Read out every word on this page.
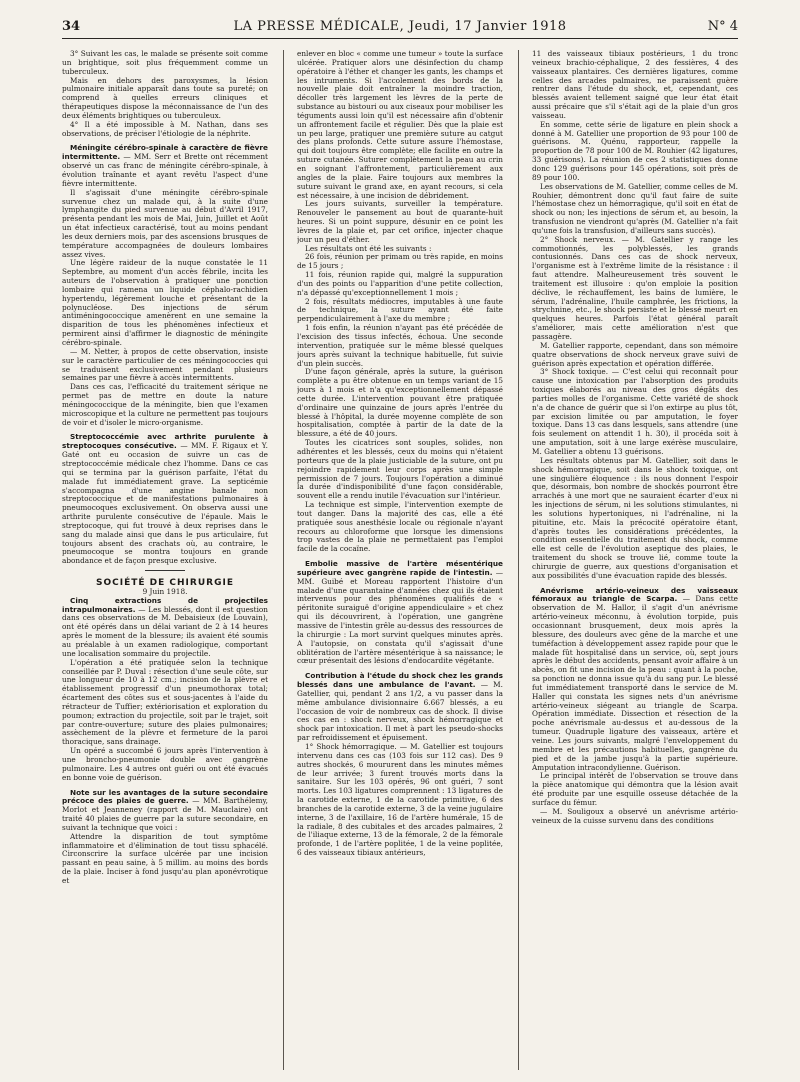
34	LA PRESSE MÉDICALE, Jeudi, 17 Janvier 1918	N° 4

3° Suivant les cas, le malade se présente soit comme un brightique, soit plus fréquemment comme un tuberculeux.

Mais en dehors des paroxysmes, la lésion pulmonaire initiale apparaît dans toute sa pureté; on comprend à quelles erreurs cliniques et thérapeutiques dispose la méconnaissance de l'un des deux éléments brightiques ou tuberculeux.

4° Il a été impossible à M. Nathan, dans ses observations, de préciser l'étiologie de la néphrite.

Méningite cérébro-spinale à caractère de fièvre intermittente. — MM. Serr et Brette ont récemment observé un cas franc de méningite cérébro-spinale, à évolution traînante et ayant revêtu l'aspect d'une fièvre intermittente.

Il s'agissait d'une méningite cérébro-spinale survenue chez un malade qui, à la suite d'une lymphangite du pied survenue au début d'Avril 1917, présenta pendant les mois de Mai, Juin, Juillet et Août un état infectieux caractérisé, tout au moins pendant les deux derniers mois, par des ascensions brusques de température accompagnées de douleurs lombaires assez vives.

Une légère raideur de la nuque constatée le 11 Septembre, au moment d'un accès fébrile, incita les auteurs de l'observation à pratiquer une ponction lombaire qui ramena un liquide céphalo-rachidien hypertendu, légèrement louche et présentant de la polynucléose. Des injections de sérum antiméningococcique amenèrent en une semaine la disparition de tous les phénomènes infectieux et permirent ainsi d'affirmer le diagnostic de méningite cérébro-spinale.

— M. Netter, à propos de cette observation, insiste sur le caractère particulier de ces méningococcies qui se traduisent exclusivement pendant plusieurs semaines par une fièvre à accès intermittents.

Dans ces cas, l'efficacité du traitement sérique ne permet pas de mettre en doute la nature méningococcique de la méningite, bien que l'examen microscopique et la culture ne permettent pas toujours de voir et d'isoler le micro-organisme.

Streptococcémie avec arthrite purulente à streptocoques consécutive. — MM. F. Rigaux et Y. Gaté ont eu occasion de suivre un cas de streptococcémie médicale chez l'homme. Dans ce cas qui se termina par la guérison parfaite, l'état du malade fut immédiatement grave. La septicémie s'accompagna d'une angine banale non streptococcique et de manifestations pulmonaires à pneumocoques exclusivement. On observa aussi une arthrite purulente consécutive de l'épaule. Mais le streptocoque, qui fut trouvé à deux reprises dans le sang du malade ainsi que dans le pus articulaire, fut toujours absent des crachats où, au contraire, le pneumocoque se montra toujours en grande abondance et de façon presque exclusive.

SOCIÉTÉ DE CHIRURGIE

9 Juin 1918.

Cinq extractions de projectiles intrapulmonaires. — Les blessés, dont il est question dans ces observations de M. Debaisieux (de Louvain), ont été opérés dans un délai variant de 2 à 14 heures après le moment de la blessure; ils avaient été soumis au préalable à un examen radiologique, comportant une localisation sommaire du projectile.

L'opération a été pratiquée selon la technique conseillée par P. Duval : résection d'une seule côte, sur une longueur de 10 à 12 cm.; incision de la plèvre et établissement progressif d'un pneumothorax total; écartement des côtes sus et sous-jacentes à l'aide du rétracteur de Tuffier; extériorisation et exploration du poumon; extraction du projectile, soit par le trajet, soit par contre-ouverture; suture des plaies pulmonaires; assèchement de la plèvre et fermeture de la paroi thoracique, sans drainage.

Un opéré a succombé 6 jours après l'intervention à une broncho-pneumonie double avec gangrène pulmonaire. Les 4 autres ont guéri ou ont été évacués en bonne voie de guérison.

Note sur les avantages de la suture secondaire précoce des plaies de guerre. — MM. Barthélemy, Morlot et Jeanneney (rapport de M. Mauclaire) ont traité 40 plaies de guerre par la suture secondaire, en suivant la technique que voici :

Attendre la disparition de tout symptôme inflammatoire et d'élimination de tout tissu sphacélé. Circonscrire la surface ulcérée par une incision passant en peau saine, à 5 millim. au moins des bords de la plaie. Inciser à fond jusqu'au plan aponévrotique et

enlever en bloc « comme une tumeur » toute la surface ulcérée. Pratiquer alors une désinfection du champ opératoire à l'éther et changer les gants, les champs et les intruments. Si l'accolement des bords de la nouvelle plaie doit entraîner la moindre traction, décoller très largement les lèvres de la perte de substance au bistouri ou aux ciseaux pour mobiliser les téguments aussi loin qu'il est nécessaire afin d'obtenir un affrontement facile et régulier. Dès que la plaie est un peu large, pratiquer une première suture au catgut des plans profonds. Cette suture assure l'hémostase, qui doit toujours être complète; elle facilite en outre la suture cutanée. Suturer complètement la peau au crin en soignant l'affrontement, particulièrement aux angles de la plaie. Faire toujours aux membres la suture suivant le grand axe, en ayant recours, si cela est nécessaire, à une incision de débridement.

Les jours suivants, surveiller la température. Renouveler le pansement au bout de quarante-huit heures. Si un point suppure, désunir en ce point les lèvres de la plaie et, par cet orifice, injecter chaque jour un peu d'éther.

Les résultats ont été les suivants :

26 fois, réunion per primam ou très rapide, en moins de 15 jours ;

11 fois, réunion rapide qui, malgré la suppuration d'un des points ou l'apparition d'une petite collection, n'a dépassé qu'exceptionnellement 1 mois ;

2 fois, résultats médiocres, imputables à une faute de technique, la suture ayant été faite perpendiculairement à l'axe du membre ;

1 fois enfin, la réunion n'ayant pas été précédée de l'excision des tissus infectés, échoua. Une seconde intervention, pratiquée sur le même blessé quelques jours après suivant la technique habituelle, fut suivie d'un plein succès.

D'une façon générale, après la suture, la guérison complète a pu être obtenue en un temps variant de 15 jours à 1 mois et n'a qu'exceptionnellement dépassé cette durée. L'intervention pouvant être pratiquée d'ordinaire une quinzaine de jours après l'entrée du blessé à l'hôpital, la durée moyenne complète de son hospitalisation, comptée à partir de la date de la blessure, a été de 40 jours.

Toutes les cicatrices sont souples, solides, non adhérentes et les blessés, ceux du moins qui n'étaient porteurs que de la plaie justiciable de la suture, ont pu rejoindre rapidement leur corps après une simple permission de 7 jours. Toujours l'opération a diminué la durée d'indisponibilité d'une façon considérable, souvent elle a rendu inutile l'évacuation sur l'intérieur.

La technique est simple, l'intervention exempte de tout danger. Dans la majorité des cas, elle a été pratiquée sous anesthésie locale ou régionale n'ayant recours au chloroforme que lorsque les dimensions trop vastes de la plaie ne permettaient pas l'emploi facile de la cocaïne.

Embolie massive de l'artère mésentérique supérieure avec gangrène rapide de l'intestin. — MM. Guibé et Moreau rapportent l'histoire d'un malade d'une quarantaine d'années chez qui ils étaient intervenus pour des phénomènes qualifiés de « péritonite suraiguë d'origine appendiculaire » et chez qui ils découvrirent, à l'opération, une gangrène massive de l'intestin grêle au-dessus des ressources de la chirurgie : La mort survint quelques minutes après. A l'autopsie, on constata qu'il s'agissait d'une oblitération de l'artère mésentérique à sa naissance; le cœur présentait des lésions d'endocardite végétante.

Contribution à l'étude du shock chez les grands blessés dans une ambulance de l'avant. — M. Gatellier, qui, pendant 2 ans 1/2, a vu passer dans la même ambulance divisionnaire 6.667 blessés, a eu l'occasion de voir de nombreux cas de shock. Il divise ces cas en : shock nerveux, shock hémorragique et shock par intoxication. Il met à part les pseudo-shocks par refroidissement et épuisement.

1° Shock hémorragique. — M. Gatellier est toujours intervenu dans ces cas (103 fois sur 112 cas). Des 9 autres shockés, 6 moururent dans les minutes mêmes de leur arrivée; 3 furent trouvés morts dans la sanitaire. Sur les 103 opérés, 96 ont guéri, 7 sont morts. Les 103 ligatures comprennent : 13 ligatures de la carotide externe, 1 de la carotide primitive, 6 des branches de la carotide externe, 3 de la veine jugulaire interne, 3 de l'axillaire, 16 de l'artère humérale, 15 de la radiale, 8 des cubitales et des arcades palmaires, 2 de l'iliaque externe, 13 de la fémorale, 2 de la fémorale profonde, 1 de l'artère poplitée, 1 de la veine poplitée, 6 des vaisseaux tibiaux antérieurs,

11 des vaisseaux tibiaux postérieurs, 1 du tronc veineux brachio-céphalique, 2 des fessières, 4 des vaisseaux plantaires. Ces dernières ligatures, comme celles des arcades palmaires, ne paraissent guère rentrer dans l'étude du shock, et, cependant, ces blessés avaient tellement saigné que leur état était aussi précaire que s'il s'était agi de la plaie d'un gros vaisseau.

En somme, cette série de ligature en plein shock a donné à M. Gatellier une proportion de 93 pour 100 de guérisons. M. Quénu, rapporteur, rappelle la proportion de 78 pour 100 de M. Rouhier (42 ligatures, 33 guérisons). La réunion de ces 2 statistiques donne donc 129 guérisons pour 145 opérations, soit près de 89 pour 100.

Les observations de M. Gatellier, comme celles de M. Rouhier, démontrent donc qu'il faut faire de suite l'hémostase chez un hémorragique, qu'il soit en état de shock ou non; les injections de sérum et, au besoin, la transfusion ne viendront qu'après (M. Gatellier n'a fait qu'une fois la transfusion, d'ailleurs sans succès).

2° Shock nerveux. — M. Gatellier y range les commotionnés, les polyblessés, les grands contusionnés. Dans ces cas de shock nerveux, l'organisme est à l'extrême limite de la résistance : il faut attendre. Malheureusement très souvent le traitement est illusoire : qu'on emploie la position déclive, le réchauffement, les bains de lumière, le sérum, l'adrénaline, l'huile camphrée, les frictions, la strychnine, etc., le shock persiste et le blessé meurt en quelques heures. Parfois l'état général paraît s'améliorer, mais cette amélioration n'est que passagère.

M. Gatellier rapporte, cependant, dans son mémoire quatre observations de shock nerveux grave suivi de guérison après expectation et opération différée.

3° Shock toxique. — C'est celui qui reconnaît pour cause une intoxication par l'absorption des produits toxiques élaborés au niveau des gros dégâts des parties molles de l'organisme. Cette variété de shock n'a de chance de guérir que si l'on extirpe au plus tôt, par excision limitée ou par amputation, le foyer toxique. Dans 13 cas dans lesquels, sans attendre (une fois seulement on attendit 1 h. 30), il procéda soit à une amputation, soit à une large exérèse musculaire, M. Gatellier a obtenu 13 guérisons.

Les résultats obtenus par M. Gatellier, soit dans le shock hémorragique, soit dans le shock toxique, ont une singulière éloquence : ils nous donnent l'espoir que, désormais, bon nombre de shockés pourront être arrachés à une mort que ne sauraient écarter d'eux ni les injections de sérum, ni les solutions stimulantes, ni les solutions hypertoniques, ni l'adrénaline, ni la pituitine, etc. Mais la précocité opératoire étant, d'après toutes les considérations précédentes, la condition essentielle du traitement du shock, comme elle est celle de l'évolution aseptique des plaies, le traitement du shock se trouve lié, comme toute la chirurgie de guerre, aux questions d'organisation et aux possibilités d'une évacuation rapide des blessés.

Anévrisme artério-veineux des vaisseaux fémoraux au triangle de Scarpa. — Dans cette observation de M. Hallor, il s'agit d'un anévrisme artério-veineux méconnu, à évolution torpide, puis occasionnant brusquement, deux mois après la blessure, des douleurs avec gêne de la marche et une tuméfaction à développement assez rapide pour que le malade fût hospitalisé dans un service, où, sept jours après le début des accidents, pensant avoir affaire à un abcès, on fit une incision de la peau : quant à la poche, sa ponction ne donna issue qu'à du sang pur. Le blessé fut immédiatement transporté dans le service de M. Haller qui constata les signes nets d'un anévrisme artério-veineux siégeant au triangle de Scarpa. Opération immédiate. Dissection et résection de la poche anévrismale au-dessus et au-dessous de la tumeur. Quadruple ligature des vaisseaux, artère et veine. Les jours suivants, malgré l'enveloppement du membre et les précautions habituelles, gangrène du pied et de la jambe jusqu'à la partie supérieure. Amputation intracondylienne. Guérison.

Le principal intérêt de l'observation se trouve dans la pièce anatomique qui démontra que la lésion avait été produite par une esquille osseuse détachée de la surface du fémur.

— M. Souligoux a observé un anévrisme artério-veineux de la cuisse survenu dans des conditions
